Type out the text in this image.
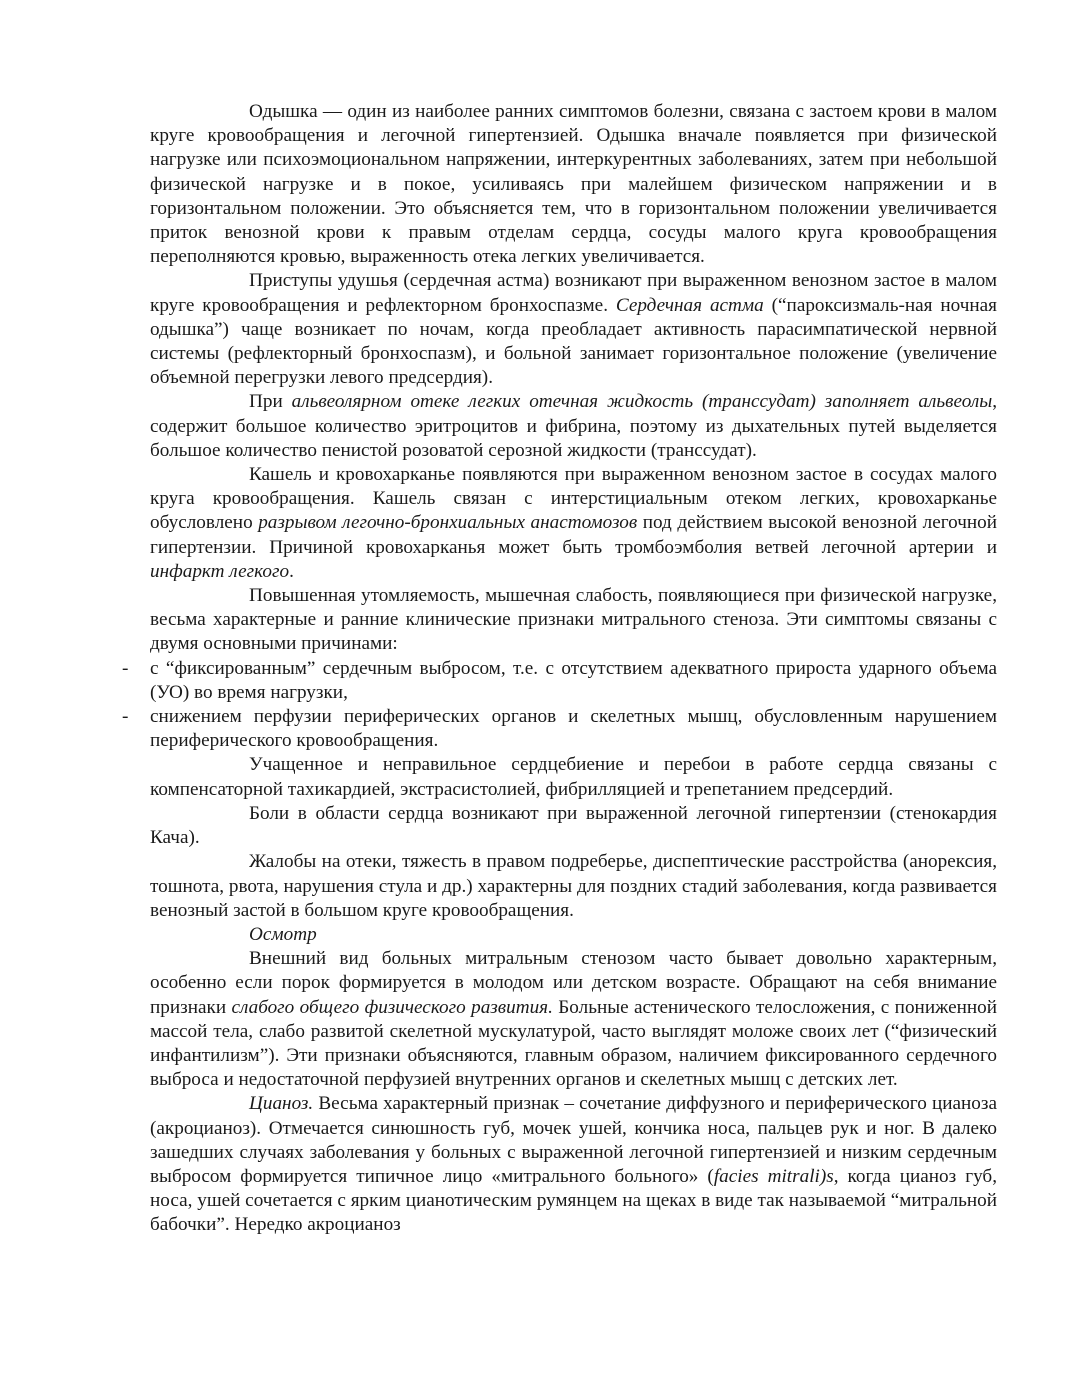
Одышка — один из наиболее ранних симптомов болезни, связана с застоем крови в малом круге кровообращения и легочной гипертензией. Одышка вначале появляется при физической нагрузке или психоэмоциональном напряжении, интеркурентных заболеваниях, затем при небольшой физической нагрузке и в покое, усиливаясь при малейшем физическом напряжении и в горизонтальном положении. Это объясняется тем, что в горизонтальном положении увеличивается приток венозной крови к правым отделам сердца, сосуды малого круга кровообращения переполняются кровью, выраженность отека легких увеличивается.

Приступы удушья (сердечная астма) возникают при выраженном венозном застое в малом круге кровообращения и рефлекторном бронхоспазме. Сердечная астма (“пароксизмаль-ная ночная одышка”) чаще возникает по ночам, когда преобладает активность парасимпатической нервной системы (рефлекторный бронхоспазм), и больной занимает горизонтальное положение (увеличение объемной перегрузки левого предсердия).

При альвеолярном отеке легких отечная жидкость (транссудат) заполняет альвеолы, содержит большое количество эритроцитов и фибрина, поэтому из дыхательных путей выделяется большое количество пенистой розоватой серозной жидкости (транссудат).

Кашель и кровохарканье появляются при выраженном венозном застое в сосудах малого круга кровообращения. Кашель связан с интерстициальным отеком легких, кровохарканье обусловлено разрывом легочно-бронхиальных анастомозов под действием высокой венозной легочной гипертензии. Причиной кровохарканья может быть тромбоэмболия ветвей легочной артерии и инфаркт легкого.

Повышенная утомляемость, мышечная слабость, появляющиеся при физической нагрузке, весьма характерные и ранние клинические признаки митрального стеноза. Эти симптомы связаны с двумя основными причинами:

- с “фиксированным” сердечным выбросом, т.е. с отсутствием адекватного прироста ударного объема (УО) во время нагрузки,

- снижением перфузии периферических органов и скелетных мышц, обусловленным нарушением периферического кровообращения.

Учащенное и неправильное сердцебиение и перебои в работе сердца связаны с компенсаторной тахикардией, экстрасистолией, фибрилляцией и трепетанием предсердий.

Боли в области сердца возникают при выраженной легочной гипертензии (стенокардия Кача).

Жалобы на отеки, тяжесть в правом подреберье, диспептические расстройства (анорексия, тошнота, рвота, нарушения стула и др.) характерны для поздних стадий заболевания, когда развивается венозный застой в большом круге кровообращения.

Осмотр

Внешний вид больных митральным стенозом часто бывает довольно характерным, особенно если порок формируется в молодом или детском возрасте. Обращают на себя внимание признаки слабого общего физического развития. Больные астенического телосложения, с пониженной массой тела, слабо развитой скелетной мускулатурой, часто выглядят моложе своих лет (“физический инфантилизм”). Эти признаки объясняются, главным образом, наличием фиксированного сердечного выброса и недостаточной перфузией внутренних органов и скелетных мышц с детских лет.

Цианоз. Весьма характерный признак – сочетание диффузного и периферического цианоза (акроцианоз). Отмечается синюшность губ, мочек ушей, кончика носа, пальцев рук и ног. В далеко зашедших случаях заболевания у больных с выраженной легочной гипертензией и низким сердечным выбросом формируется типичное лицо «митрального больного» (facies mitrali)s, когда цианоз губ, носа, ушей сочетается с ярким цианотическим румянцем на щеках в виде так называемой “митральной бабочки”. Нередко акроцианоз
